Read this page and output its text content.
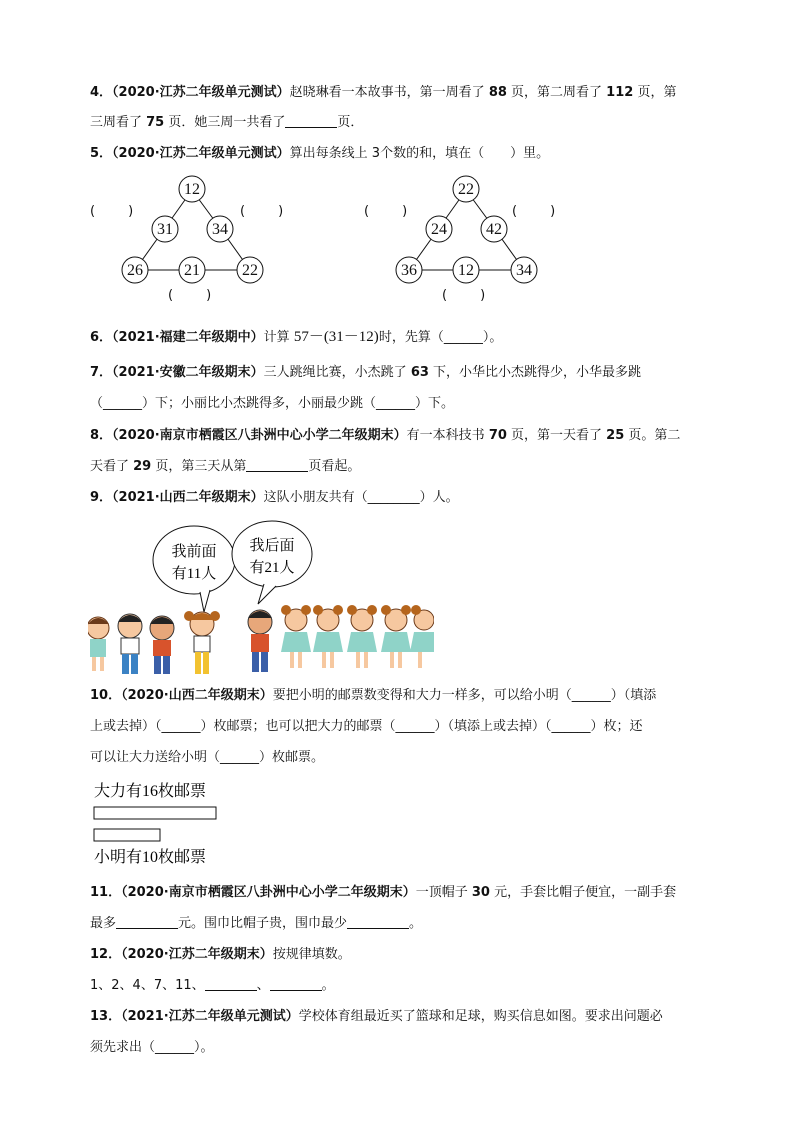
4．（2020·江苏二年级单元测试）赵晓琳看一本故事书，第一周看了 88 页，第二周看了 112 页，第
三周看了 75 页．她三周一共看了	页．
5．（2020·江苏二年级单元测试）算出每条线上 3个数的和，填在（　　）里。
12
31 34
26	21	22
(        )	(        )
(        )
22
24 42
36	12	34
(        )	(        )
(        )
6．（2021·福建二年级期中）计算 57－(31－12)时，先算（______）。
7．（2021·安徽二年级期末）三人跳绳比赛，小杰跳了 63 下，小华比小杰跳得少，小华最多跳
（______）下；小丽比小杰跳得多，小丽最少跳（______）下。
8．（2020·南京市栖霞区八卦洲中心小学二年级期末）有一本科技书 70 页，第一天看了 25 页。第二
天看了 29 页，第三天从第	页看起。
9．（2021·山西二年级期末）这队小朋友共有（________）人。
我前面
有11人
我后面
有21人
10．（2020·山西二年级期末）要把小明的邮票数变得和大力一样多，可以给小明（______）（填添
上或去掉）（______）枚邮票；也可以把大力的邮票（______）（填添上或去掉）（______）枚；还
可以让大力送给小明（______）枚邮票。
大力有16枚邮票
小明有10枚邮票
11．（2020·南京市栖霞区八卦洲中心小学二年级期末）一顶帽子 30 元，手套比帽子便宜，一副手套
最多	元。围巾比帽子贵，围巾最少	。
12．（2020·江苏二年级期末）按规律填数。
1、2、4、7、11、	、	。
13．（2021·江苏二年级单元测试）学校体育组最近买了篮球和足球，购买信息如图。要求出问题必
须先求出（______）。
